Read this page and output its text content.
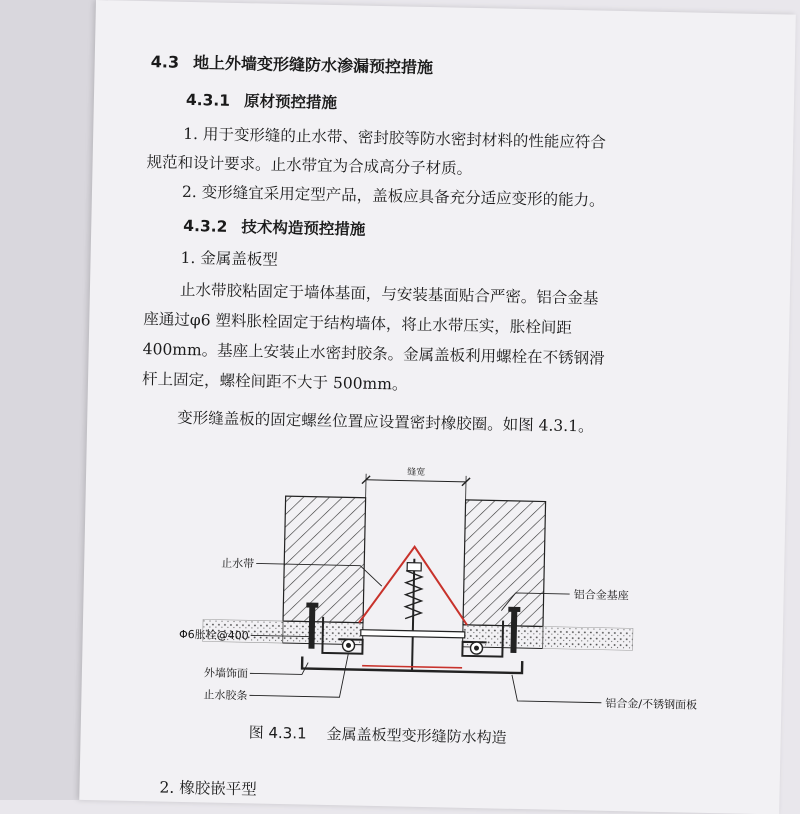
4.3 地上外墙变形缝防水渗漏预控措施
4.3.1 原材预控措施
1. 用于变形缝的止水带、密封胶等防水密封材料的性能应符合
规范和设计要求。止水带宜为合成高分子材质。
2. 变形缝宜采用定型产品，盖板应具备充分适应变形的能力。
4.3.2 技术构造预控措施
1. 金属盖板型
止水带胶粘固定于墙体基面，与安装基面贴合严密。铝合金基
座通过φ6 塑料胀栓固定于结构墙体，将止水带压实，胀栓间距
400mm。基座上安装止水密封胶条。金属盖板利用螺栓在不锈钢滑
杆上固定，螺栓间距不大于 500mm。
变形缝盖板的固定螺丝位置应设置密封橡胶圈。如图 4.3.1。
缝宽
止水带
铝合金基座
Φ6胀栓@400
外墙饰面
止水胶条
铝合金/不锈钢面板
图 4.3.1 金属盖板型变形缝防水构造
2. 橡胶嵌平型
